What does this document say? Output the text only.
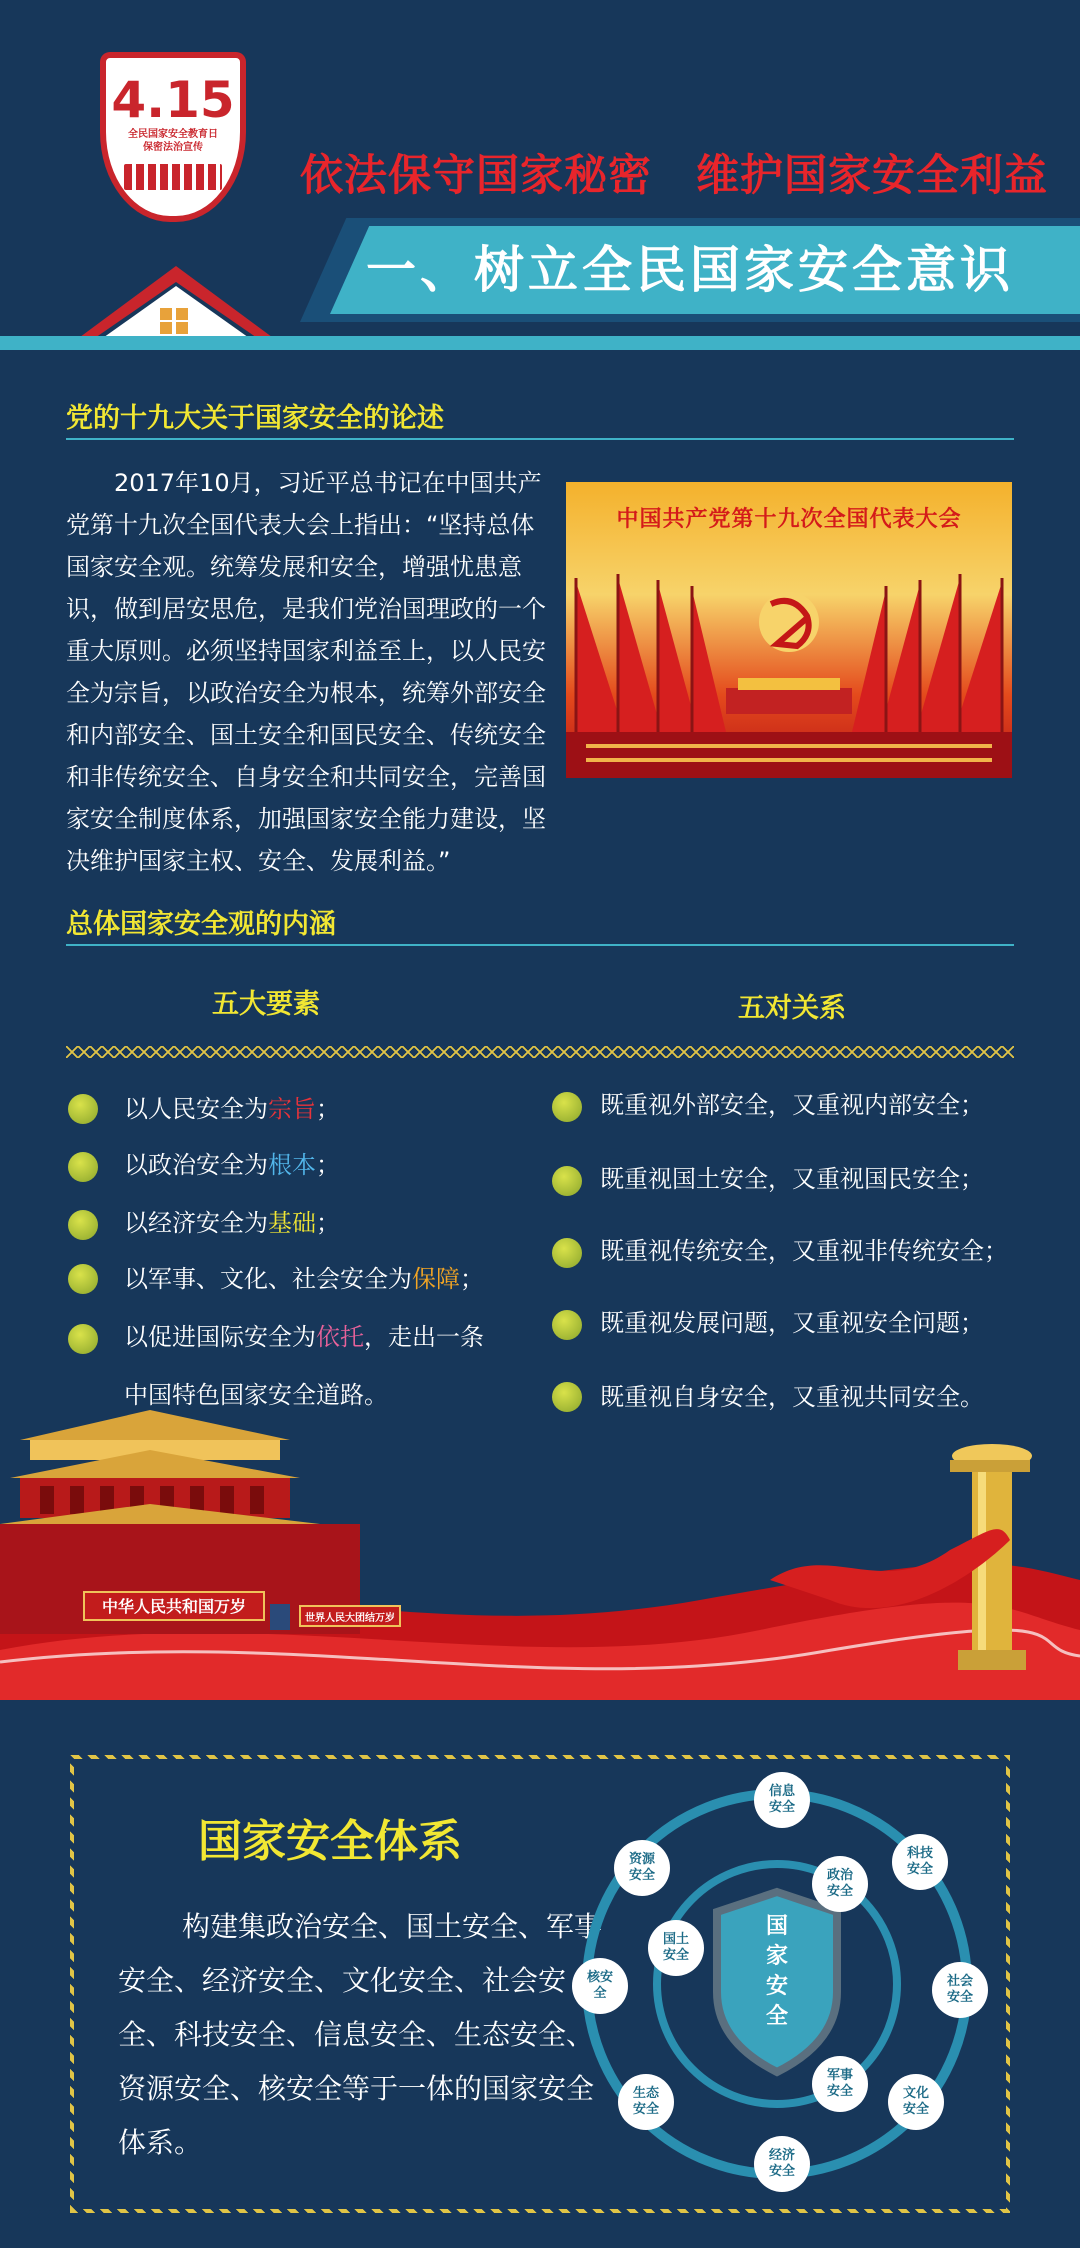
4.15
全民国家安全教育日
保密法治宣传
依法保守国家秘密　维护国家安全利益
一、树立全民国家安全意识
党的十九大关于国家安全的论述
2017年10月，习近平总书记在中国共产党第十九次全国代表大会上指出：“坚持总体国家安全观。统筹发展和安全，增强忧患意识，做到居安思危，是我们党治国理政的一个重大原则。必须坚持国家利益至上，以人民安全为宗旨，以政治安全为根本，统筹外部安全和内部安全、国土安全和国民安全、传统安全和非传统安全、自身安全和共同安全，完善国家安全制度体系，加强国家安全能力建设，坚决维护国家主权、安全、发展利益。”
中国共产党第十九次全国代表大会
总体国家安全观的内涵
五大要素	五对关系
以人民安全为宗旨；
以政治安全为根本；
以经济安全为基础；
以军事、文化、社会安全为保障；
以促进国际安全为依托，走出一条
中国特色国家安全道路。
既重视外部安全，又重视内部安全；
既重视国土安全，又重视国民安全；
既重视传统安全，又重视非传统安全；
既重视发展问题，又重视安全问题；
既重视自身安全，又重视共同安全。
中华人民共和国万岁
世界人民大团结万岁
国家安全体系
构建集政治安全、国土安全、军事安全、经济安全、文化安全、社会安全、科技安全、信息安全、生态安全、资源安全、核安全等于一体的国家安全体系。
国
家
安
全
信息安全
科技安全
社会安全
文化安全
经济安全
生态安全
核安全
资源安全	政治安全
国土安全
军事安全
